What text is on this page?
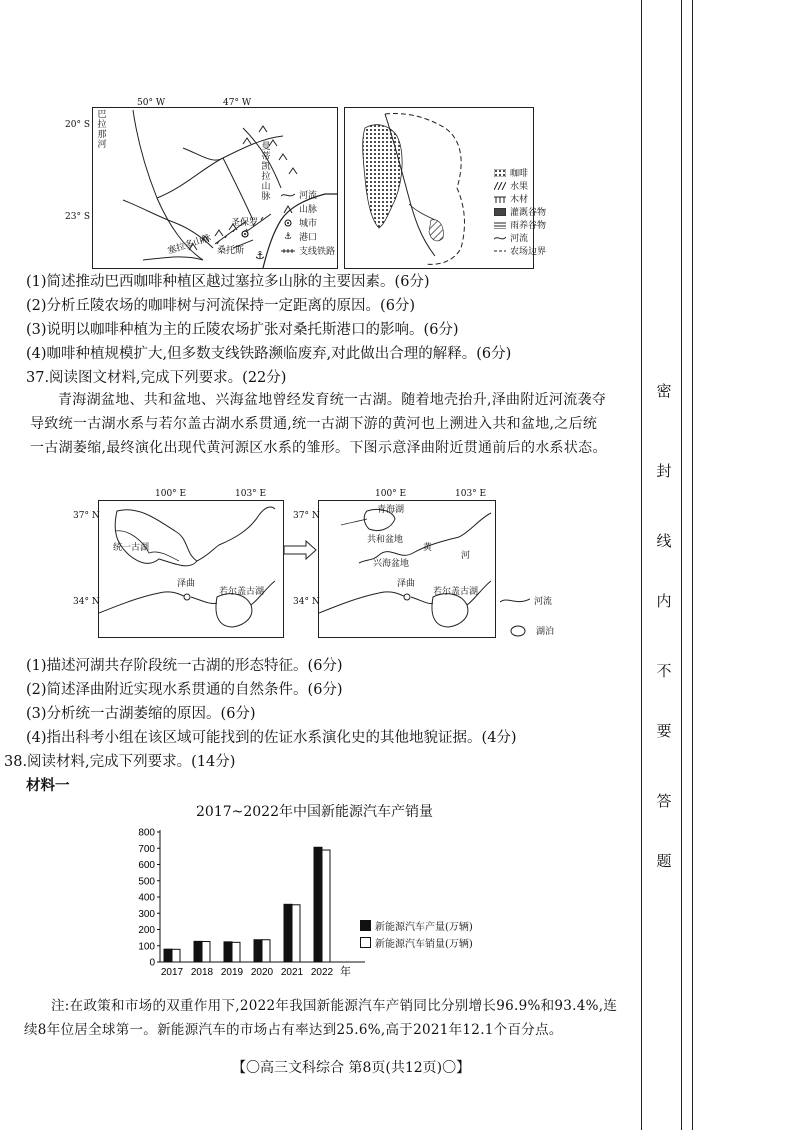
密
封
线
内
不
要
答
题
⚓
50° W	47° W
20° S
23° S
巴拉那河	曼蒂凯拉山脉
塞拉多山脉
圣保罗
桑托斯
河流
山脉
城市
⚓ 港口
支线铁路
咖啡
水果
木材
灌溉谷物
雨养谷物
河流
农场边界
(1)简述推动巴西咖啡种植区越过塞拉多山脉的主要因素。(6分)
(2)分析丘陵农场的咖啡树与河流保持一定距离的原因。(6分)
(3)说明以咖啡种植为主的丘陵农场扩张对桑托斯港口的影响。(6分)
(4)咖啡种植规模扩大,但多数支线铁路濒临废弃,对此做出合理的解释。(6分)
37.阅读图文材料,完成下列要求。(22分)
青海湖盆地、共和盆地、兴海盆地曾经发育统一古湖。随着地壳抬升,泽曲附近河流袭夺导致统一古湖水系与若尔盖古湖水系贯通,统一古湖下游的黄河也上溯进入共和盆地,之后统一古湖萎缩,最终演化出现代黄河源区水系的雏形。下图示意泽曲附近贯通前后的水系状态。
100° E	103° E
37° N
34° N
统一古湖
泽曲
若尔盖古湖
100° E	103° E
37° N
34° N
青海湖
共和盆地
兴海盆地
黄
河
泽曲
若尔盖古湖
河流
湖泊
(1)描述河湖共存阶段统一古湖的形态特征。(6分)
(2)简述泽曲附近实现水系贯通的自然条件。(6分)
(3)分析统一古湖萎缩的原因。(6分)
(4)指出科考小组在该区域可能找到的佐证水系演化史的其他地貌证据。(4分)
38.阅读材料,完成下列要求。(14分)
材料一
2017~2022年中国新能源汽车产销量
0
100
200
300
400
500
600
700
800
2017 2018 2019 2020 2021 2022 年
新能源汽车产量(万辆)
新能源汽车销量(万辆)
注:在政策和市场的双重作用下,2022年我国新能源汽车产销同比分别增长96.9%和93.4%,连续8年位居全球第一。新能源汽车的市场占有率达到25.6%,高于2021年12.1个百分点。
【〇高三文科综合 第8页(共12页)〇】
